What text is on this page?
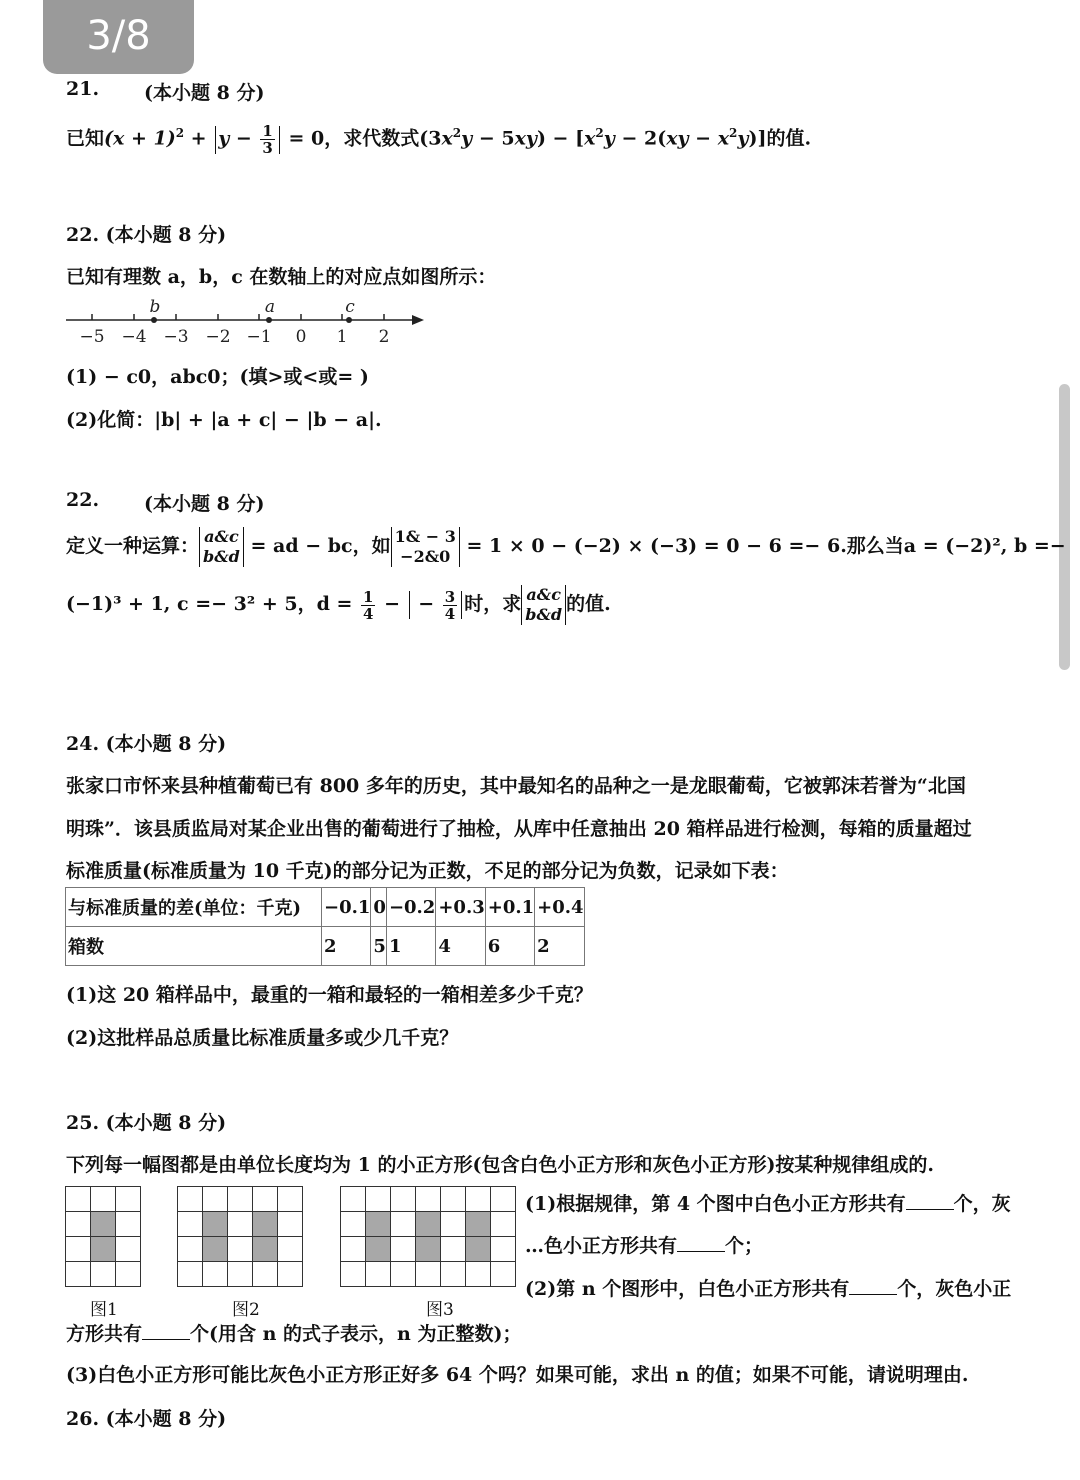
3/8
21. (本小题 8 分)
已知$(x + 1)^2 + y - \frac{1}{3} = 0$，求代数式$(3x^2y - 5xy) - [x^2y - 2(xy - x^2y)]$的值.
22. (本小题 8 分)
已知有理数 a，b，c 在数轴上的对应点如图所示：
−5 −4 −3 −2 −1 0 1 2
b	a	c
(1) − c0，abc0；(填>或<或= )
(2)化简：|b| + |a + c| − |b − a|.
22. (本小题 8 分)
定义一种运算： a&c
b&d = ad − bc，如 1& − 3
−2&0 = 1 × 0 − (−2) × (−3) = 0 − 6 =− 6.那么当a = (−2)², b =−
(−1)³ + 1, c =− 3² + 5，$d = \frac{1}{4}$ −  − $\frac{3}{4}$ 时，求 a&c
b&d 的值.
24. (本小题 8 分)
张家口市怀来县种植葡萄已有 800 多年的历史，其中最知名的品种之一是龙眼葡萄，它被郭沫若誉为“北国
明珠”．该县质监局对某企业出售的葡萄进行了抽检，从库中任意抽出 20 箱样品进行检测，每箱的质量超过
标准质量(标准质量为 10 千克)的部分记为正数，不足的部分记为负数，记录如下表：
与标准质量的差(单位：千克)	−0.1	0	−0.2	+0.3	+0.1	+0.4
箱数	2	5	1	4	6	2
(1)这 20 箱样品中，最重的一箱和最轻的一箱相差多少千克？
(2)这批样品总质量比标准质量多或少几千克？
25. (本小题 8 分)
下列每一幅图都是由单位长度均为 1 的小正方形(包含白色小正方形和灰色小正方形)按某种规律组成的.

图1	图2	图3
(1)根据规律，第 4 个图中白色小正方形共有	个，灰
…色小正方形共有	个；
(2)第 n 个图形中，白色小正方形共有	个，灰色小正
方形共有	个(用含 n 的式子表示，n 为正整数)；
(3)白色小正方形可能比灰色小正方形正好多 64 个吗？如果可能，求出 n 的值；如果不可能，请说明理由.
26. (本小题 8 分)
